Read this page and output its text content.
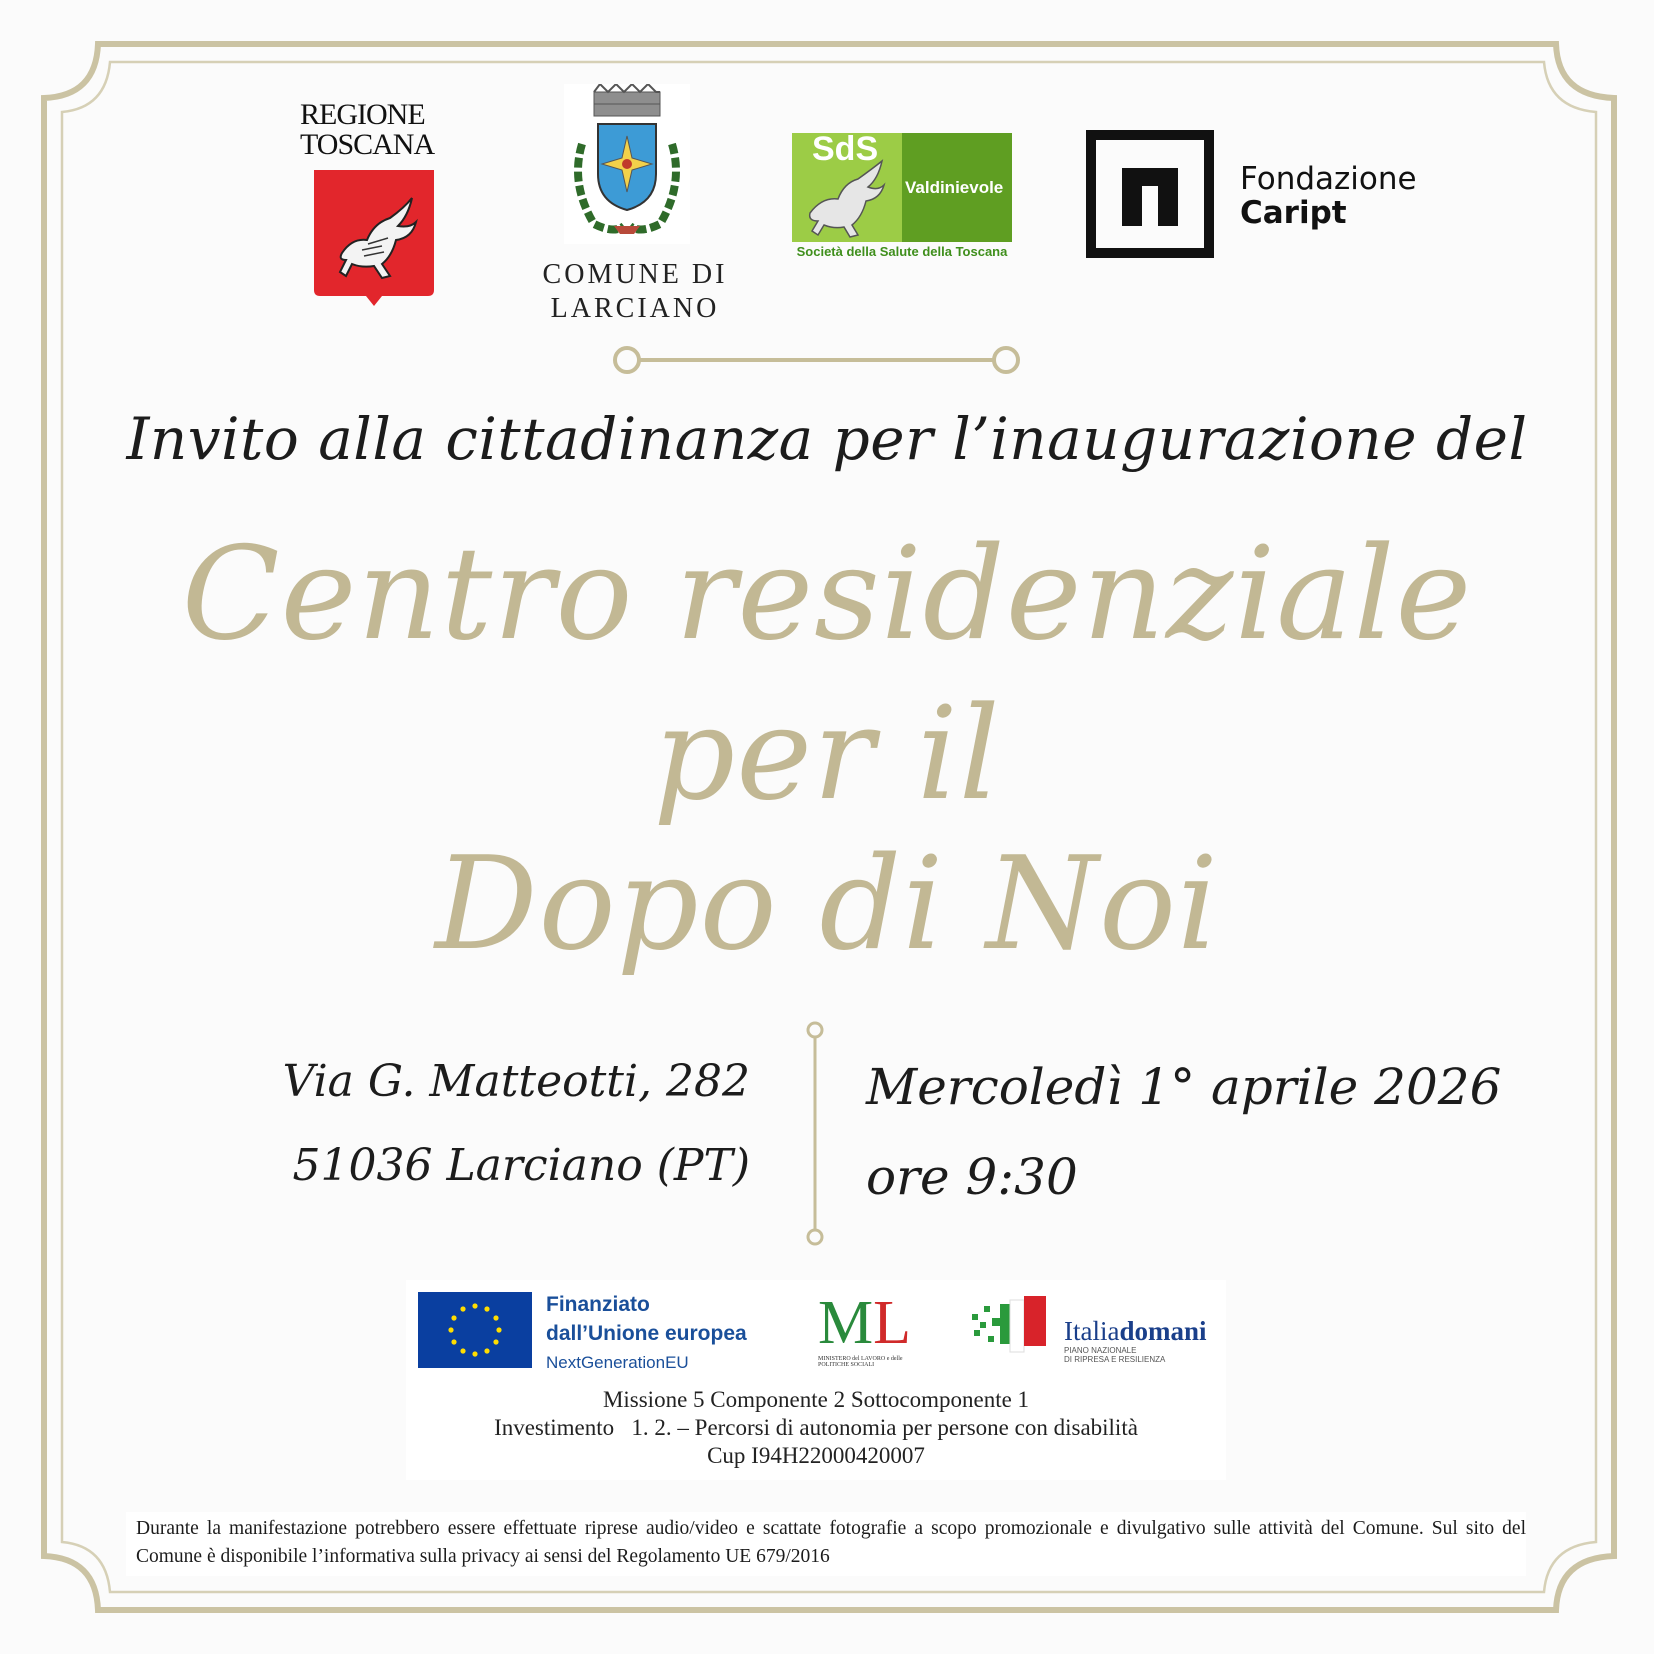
REGIONE
TOSCANA
COMUNE DI
LARCIANO
SdS
Valdinievole
Società della Salute della Toscana
Fondazione
Caript
Invito alla cittadinanza per l’inaugurazione del
Centro residenziale
per il
Dopo di Noi
Via G. Matteotti, 282
51036 Larciano (PT)
Mercoledì 1° aprile 2026
ore 9:30
Finanziato
dall’Unione europea
NextGenerationEU
ML
MINISTERO del LAVORO e delle POLITICHE SOCIALI
Italiadomani
PIANO NAZIONALE
DI RIPRESA E RESILIENZA
Missione 5 Componente 2 Sottocomponente 1
Investimento   1. 2. – Percorsi di autonomia per persone con disabilità
Cup I94H22000420007
Durante la manifestazione potrebbero essere effettuate riprese audio/video e scattate fotografie a scopo promozionale e divulgativo sulle attività del Comune. Sul sito del Comune è disponibile l’informativa sulla privacy ai sensi del Regolamento UE 679/2016
